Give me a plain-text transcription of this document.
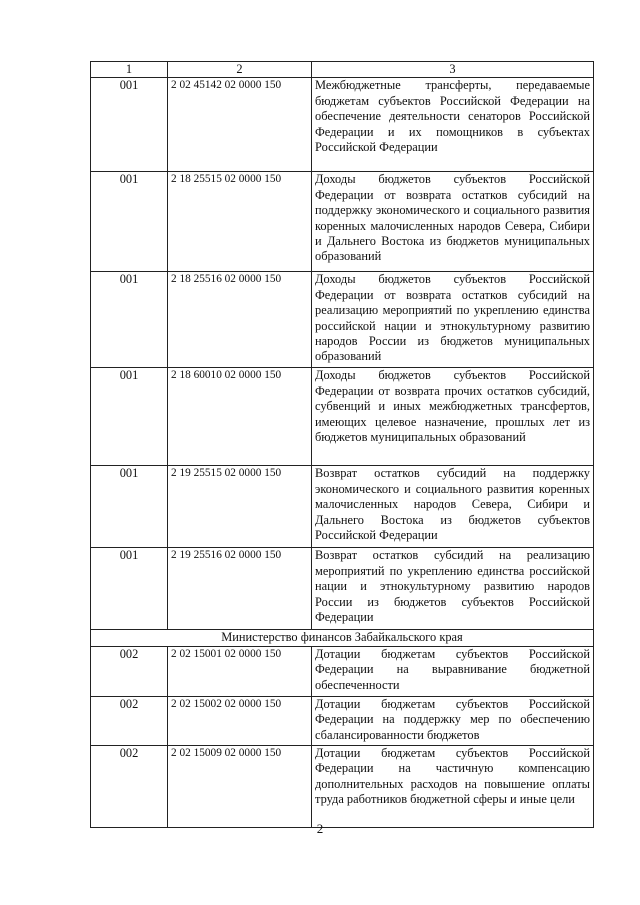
1	2	3
001	2 02 45142 02 0000 150	Межбюджетные трансферты, передаваемые бюджетам субъектов Российской Федерации на обеспечение деятельности сенаторов Российской Федерации и их помощников в субъектах Российской Федерации
001	2 18 25515 02 0000 150	Доходы бюджетов субъектов Российской Федерации от возврата остатков субсидий на поддержку экономического и социального развития коренных малочисленных народов Севера, Сибири и Дальнего Востока из бюджетов муниципальных образований
001	2 18 25516 02 0000 150	Доходы бюджетов субъектов Российской Федерации от возврата остатков субсидий на реализацию мероприятий по укреплению единства российской нации и этнокультурному развитию народов России из бюджетов муниципальных образований
001	2 18 60010 02 0000 150	Доходы бюджетов субъектов Российской Федерации от возврата прочих остатков субсидий, субвенций и иных межбюджетных трансфертов, имеющих целевое назначение, прошлых лет из бюджетов муниципальных образований
001	2 19 25515 02 0000 150	Возврат остатков субсидий на поддержку экономического и социального развития коренных малочисленных народов Севера, Сибири и Дальнего Востока из бюджетов субъектов Российской Федерации
001	2 19 25516 02 0000 150	Возврат остатков субсидий на реализацию мероприятий по укреплению единства российской нации и этнокультурному развитию народов России из бюджетов субъектов Российской Федерации
Министерство финансов Забайкальского края		
002	2 02 15001 02 0000 150	Дотации бюджетам субъектов Российской Федерации на выравнивание бюджетной обеспеченности
002	2 02 15002 02 0000 150	Дотации бюджетам субъектов Российской Федерации на поддержку мер по обеспечению сбалансированности бюджетов
002	2 02 15009 02 0000 150	Дотации бюджетам субъектов Российской Федерации на частичную компенсацию дополнительных расходов на повышение оплаты труда работников бюджетной сферы и иные цели
2
